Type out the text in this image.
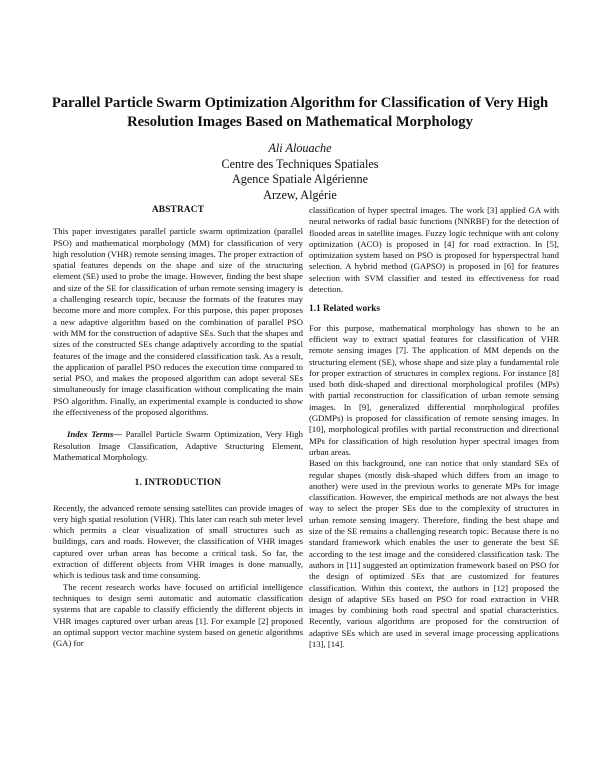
Parallel Particle Swarm Optimization Algorithm for Classification of Very High Resolution Images Based on Mathematical Morphology
Ali Alouache
Centre des Techniques Spatiales
Agence Spatiale Algérienne
Arzew, Algérie
ABSTRACT

This paper investigates parallel particle swarm optimization (parallel PSO) and mathematical morphology (MM) for classification of very high resolution (VHR) remote sensing images. The proper extraction of spatial features depends on the shape and size of the structuring element (SE) used to probe the image. However, finding the best shape and size of the SE for classification of urban remote sensing imagery is a challenging research topic, because the formats of the features may become more and more complex. For this purpose, this paper proposes a new adaptive algorithm based on the combination of parallel PSO with MM for the construction of adaptive SEs. Such that the shapes and sizes of the constructed SEs change adaptively according to the spatial features of the image and the considered classification task. As a result, the application of parallel PSO reduces the execution time compared to serial PSO, and makes the proposed algorithm can adopt several SEs simultaneously for image classification without complicating the main PSO algorithm. Finally, an experimental example is conducted to show the effectiveness of the proposed algorithms.

Index Terms— Parallel Particle Swarm Optimization, Very High Resolution Image Classification, Adaptive Structuring Element, Mathematical Morphology.

1. INTRODUCTION

Recently, the advanced remote sensing satellites can provide images of very high spatial resolution (VHR). This later can reach sub meter level which permits a clear visualization of small structures such as buildings, cars and roads. However, the classification of VHR images captured over urban areas has become a critical task. So far, the extraction of different objects from VHR images is done manually, which is tedious task and time consuming.

The recent research works have focused on artificial intelligence techniques to design semi automatic and automatic classification systems that are capable to classify efficiently the different objects in VHR images captured over urban areas [1]. For example [2] proposed an optimal support vector machine system based on genetic algorithms (GA) for

classification of hyper spectral images. The work [3] applied GA with neural networks of radial basic functions (NNRBF) for the detection of flooded areas in satellite images. Fuzzy logic technique with ant colony optimization (ACO) is proposed in [4] for road extraction. In [5], optimization system based on PSO is proposed for hyperspectral band selection. A hybrid method (GAPSO) is proposed in [6] for features selection with SVM classifier and tested its effectiveness for road detection.

1.1 Related works

For this purpose, mathematical morphology has shown to be an efficient way to extract spatial features for classification of VHR remote sensing images [7]. The application of MM depends on the structuring element (SE), whose shape and size play a fundamental role for proper extraction of structures in complex regions. For instance [8] used both disk-shaped and directional morphological profiles (MPs) with partial reconstruction for classification of urban remote sensing images. In [9], generalized differential morphological profiles (GDMPs) is proposed for classification of remote sensing images. In [10], morphological profiles with partial reconstruction and directional MPs for classification of high resolution hyper spectral images from urban areas.

Based on this background, one can notice that only standard SEs of regular shapes (mostly disk-shaped which differs from an image to another) were used in the previous works to generate MPs for image classification. However, the empirical methods are not always the best way to select the proper SEs due to the complexity of structures in urban remote sensing imagery. Therefore, finding the best shape and size of the SE remains a challenging research topic. Because there is no standard framework which enables the user to generate the best SE according to the test image and the considered classification task. The authors in [11] suggested an optimization framework based on PSO for the design of optimized SEs that are customized for features classification. Within this context, the authors in [12] proposed the design of adaptive SEs based on PSO for road extraction in VHR images by combining both road spectral and spatial characteristics. Recently, various algorithms are proposed for the construction of adaptive SEs which are used in several image processing applications [13], [14].
